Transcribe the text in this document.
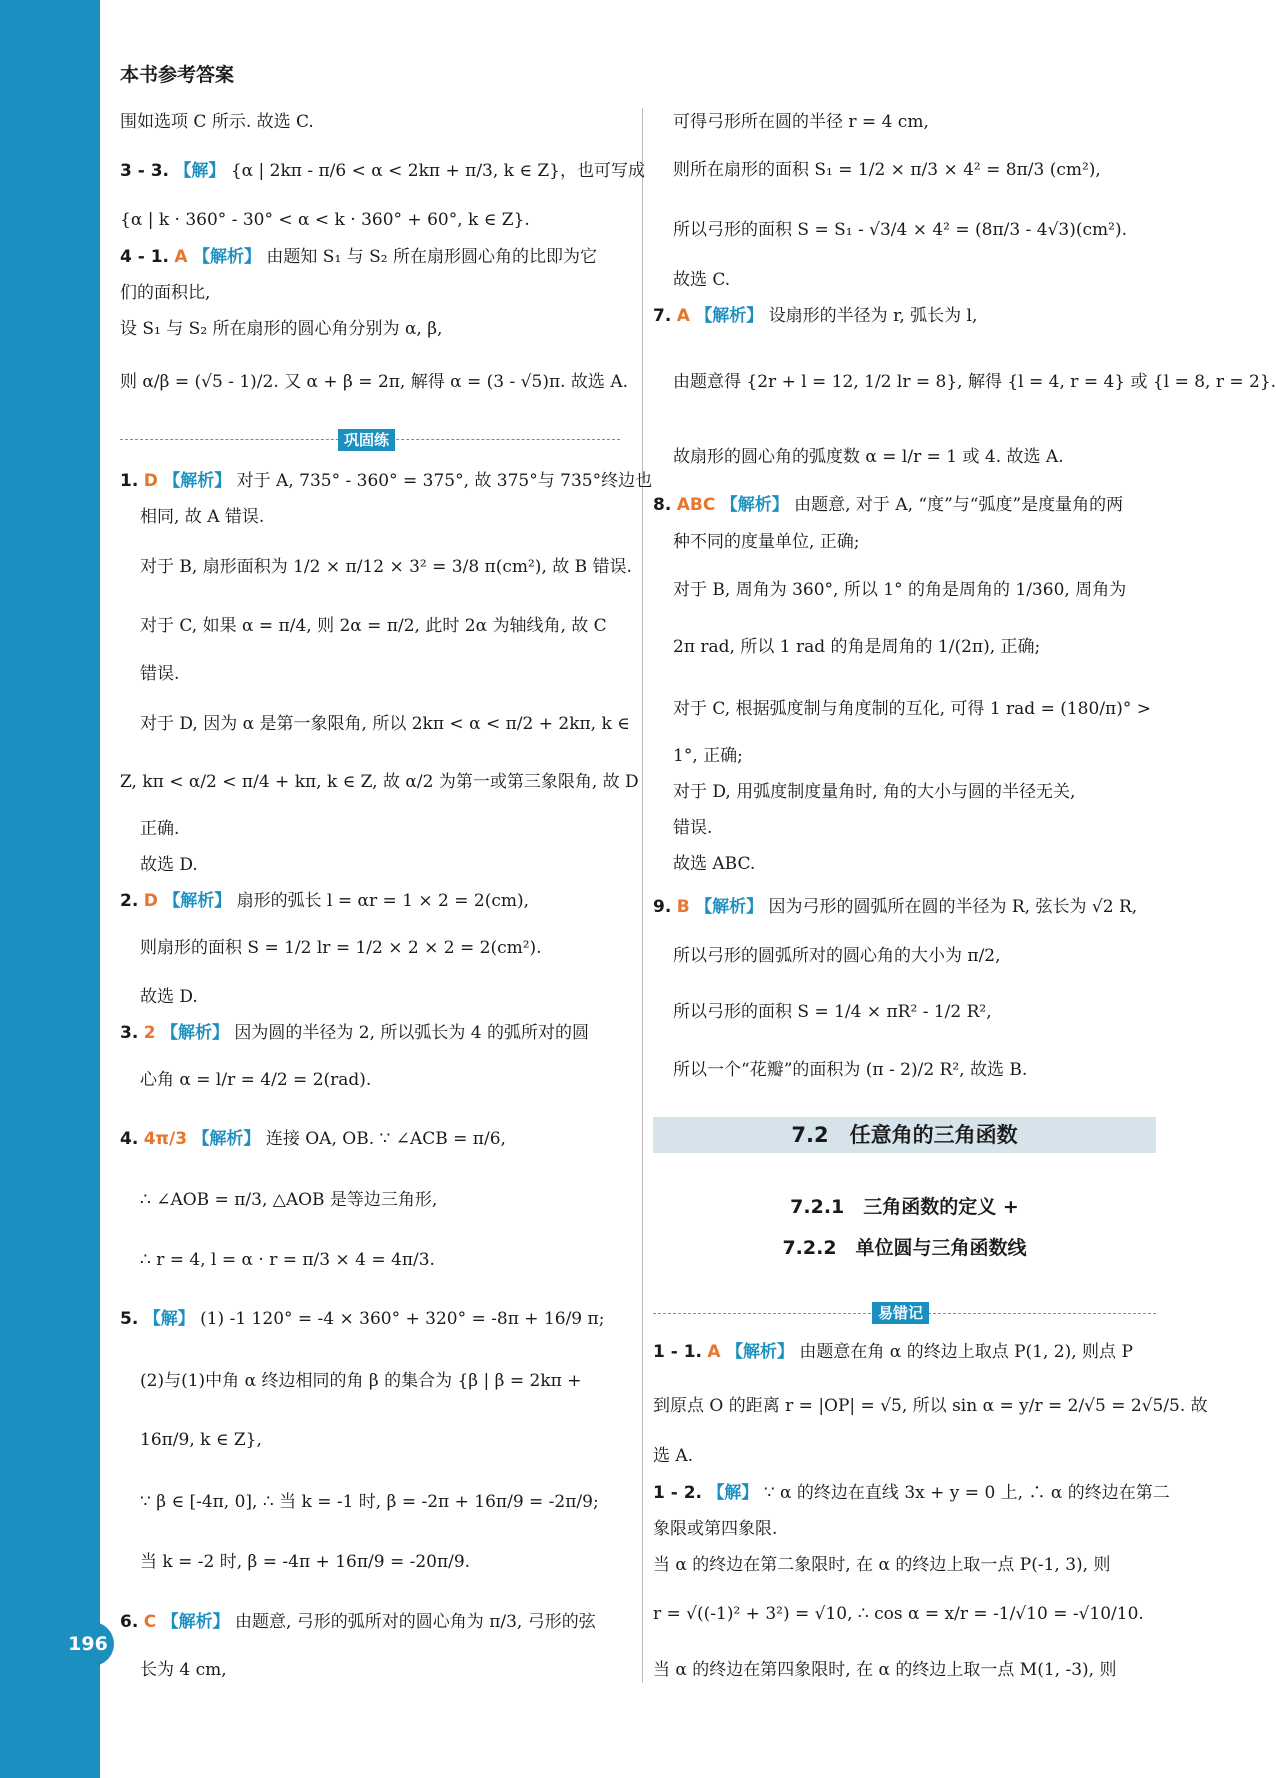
196
本书参考答案
围如选项 C 所示. 故选 C.
3 - 3. 【解】 {α | 2kπ - π/6 < α < 2kπ + π/3, k ∈ Z}，也可写成
{α | k · 360° - 30° < α < k · 360° + 60°, k ∈ Z}.
4 - 1. A 【解析】 由题知 S₁ 与 S₂ 所在扇形圆心角的比即为它
们的面积比,
设 S₁ 与 S₂ 所在扇形的圆心角分别为 α, β,
则 α/β = (√5 - 1)/2. 又 α + β = 2π, 解得 α = (3 - √5)π. 故选 A.
巩固练
1. D 【解析】 对于 A, 735° - 360° = 375°, 故 375°与 735°终边也
相同, 故 A 错误.
对于 B, 扇形面积为 1/2 × π/12 × 3² = 3/8 π(cm²), 故 B 错误.
对于 C, 如果 α = π/4, 则 2α = π/2, 此时 2α 为轴线角, 故 C
错误.
对于 D, 因为 α 是第一象限角, 所以 2kπ < α < π/2 + 2kπ, k ∈
Z, kπ < α/2 < π/4 + kπ, k ∈ Z, 故 α/2 为第一或第三象限角, 故 D
正确.
故选 D.
2. D 【解析】 扇形的弧长 l = αr = 1 × 2 = 2(cm),
则扇形的面积 S = 1/2 lr = 1/2 × 2 × 2 = 2(cm²).
故选 D.
3. 2 【解析】 因为圆的半径为 2, 所以弧长为 4 的弧所对的圆
心角 α = l/r = 4/2 = 2(rad).
4. 4π/3 【解析】 连接 OA, OB. ∵ ∠ACB = π/6,
∴ ∠AOB = π/3, △AOB 是等边三角形,
∴ r = 4, l = α · r = π/3 × 4 = 4π/3.
5. 【解】 (1) -1 120° = -4 × 360° + 320° = -8π + 16/9 π;
(2)与(1)中角 α 终边相同的角 β 的集合为 {β | β = 2kπ +
16π/9, k ∈ Z},
∵ β ∈ [-4π, 0], ∴ 当 k = -1 时, β = -2π + 16π/9 = -2π/9;
当 k = -2 时, β = -4π + 16π/9 = -20π/9.
6. C 【解析】 由题意, 弓形的弧所对的圆心角为 π/3, 弓形的弦
长为 4 cm,
可得弓形所在圆的半径 r = 4 cm,
则所在扇形的面积 S₁ = 1/2 × π/3 × 4² = 8π/3 (cm²),
所以弓形的面积 S = S₁ - √3/4 × 4² = (8π/3 - 4√3)(cm²).
故选 C.
7. A 【解析】 设扇形的半径为 r, 弧长为 l,
由题意得 {2r + l = 12, 1/2 lr = 8}, 解得 {l = 4, r = 4} 或 {l = 8, r = 2}.
故扇形的圆心角的弧度数 α = l/r = 1 或 4. 故选 A.
8. ABC 【解析】 由题意, 对于 A, “度”与“弧度”是度量角的两
种不同的度量单位, 正确;
对于 B, 周角为 360°, 所以 1° 的角是周角的 1/360, 周角为
2π rad, 所以 1 rad 的角是周角的 1/(2π), 正确;
对于 C, 根据弧度制与角度制的互化, 可得 1 rad = (180/π)° >
1°, 正确;
对于 D, 用弧度制度量角时, 角的大小与圆的半径无关,
错误.
故选 ABC.
9. B 【解析】 因为弓形的圆弧所在圆的半径为 R, 弦长为 √2 R,
所以弓形的圆弧所对的圆心角的大小为 π/2,
所以弓形的面积 S = 1/4 × πR² - 1/2 R²,
所以一个“花瓣”的面积为 (π - 2)/2 R², 故选 B.
7.2　任意角的三角函数
7.2.1　三角函数的定义 +
7.2.2　单位圆与三角函数线
易错记
1 - 1. A 【解析】 由题意在角 α 的终边上取点 P(1, 2), 则点 P
到原点 O 的距离 r = |OP| = √5, 所以 sin α = y/r = 2/√5 = 2√5/5. 故
选 A.
1 - 2. 【解】 ∵ α 的终边在直线 3x + y = 0 上, ∴ α 的终边在第二
象限或第四象限.
当 α 的终边在第二象限时, 在 α 的终边上取一点 P(-1, 3), 则
r = √((-1)² + 3²) = √10, ∴ cos α = x/r = -1/√10 = -√10/10.
当 α 的终边在第四象限时, 在 α 的终边上取一点 M(1, -3), 则
